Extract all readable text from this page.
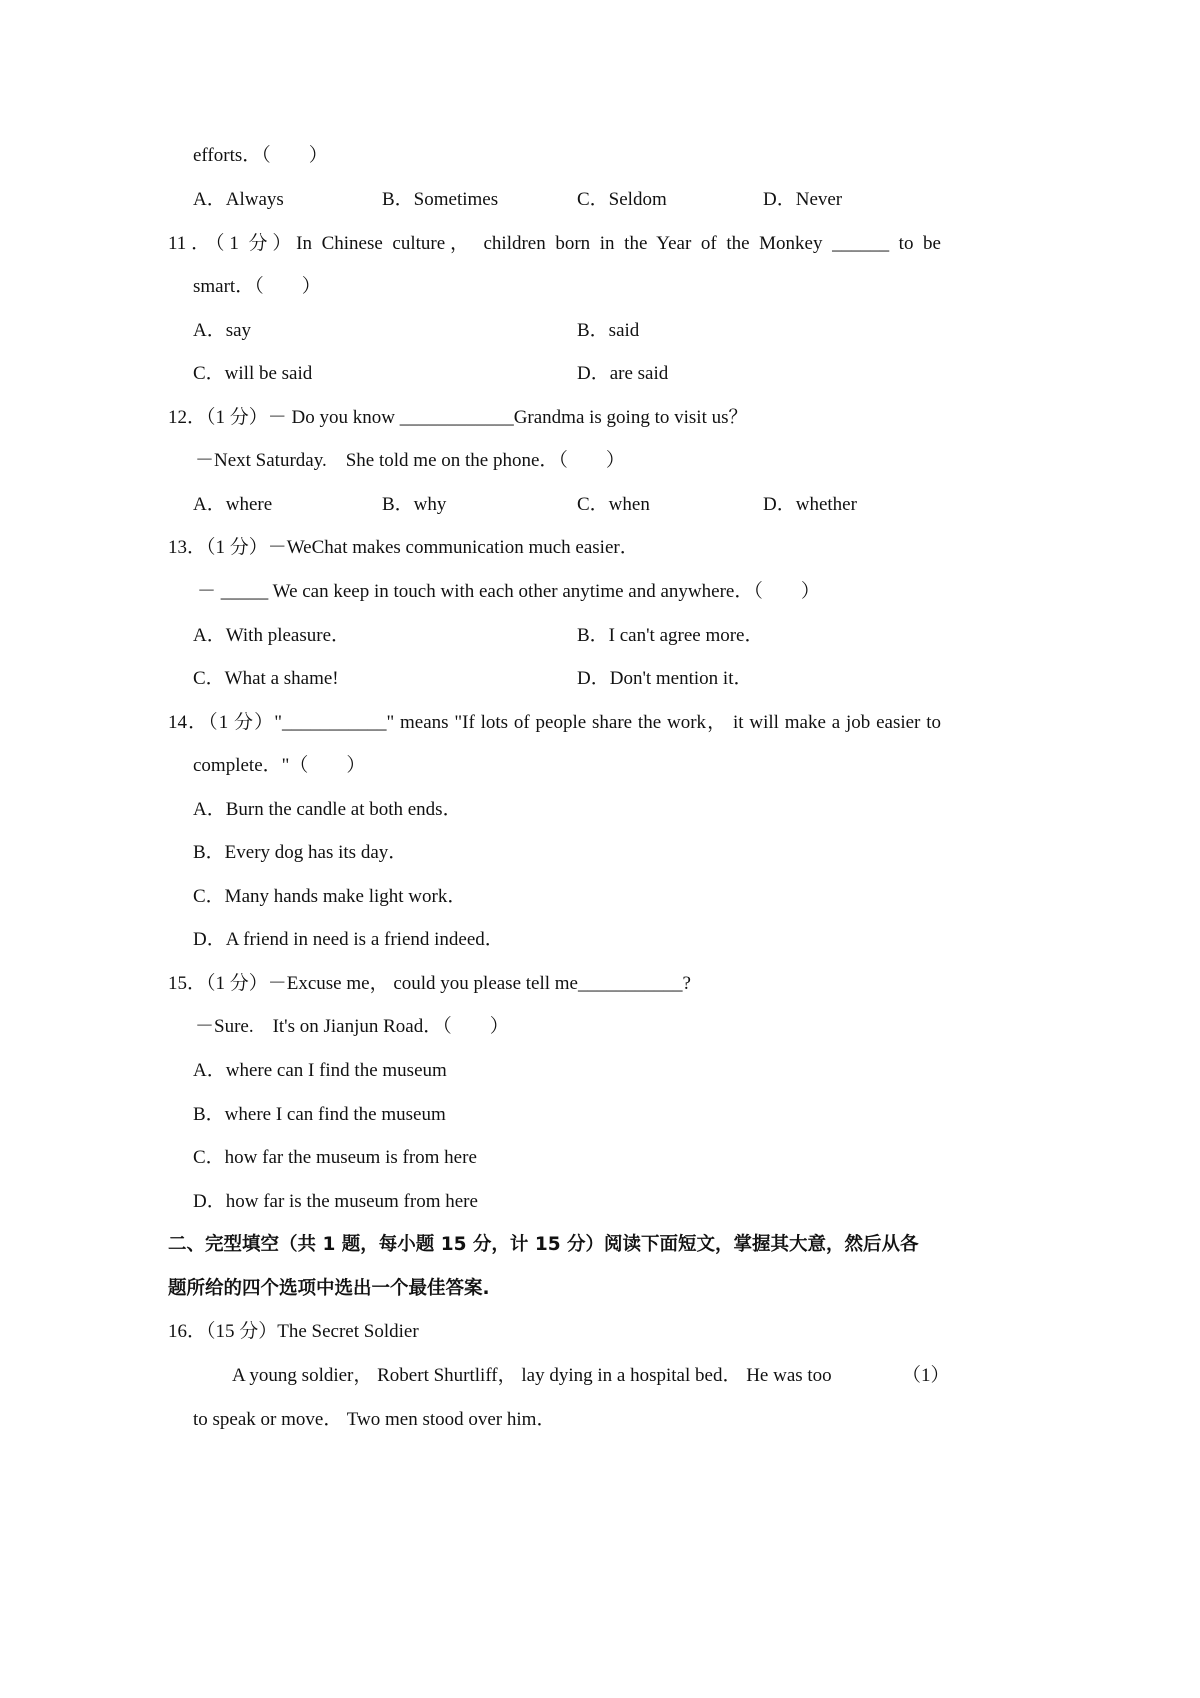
efforts．（　　）

A．Always

	B．Sometimes

	C．Seldom

	D．Never

11．（1 分）In Chinese culture， children born in the Year of the Monkey ______ to be

smart．（　　）

A．say

	B．said

C．will be said

	D．are said

12．（1 分）－ Do you know ____________Grandma is going to visit us？

－Next Saturday.　She told me on the phone．（　　）

A．where

	B．why

	C．when

	D．whether

13．（1 分）－WeChat makes communication much easier．

－ _____ We can keep in touch with each other anytime and anywhere．（　　）

A．With pleasure．

	B．I can't agree more．

C．What a shame!

	D．Don't mention it．

14．（1 分）"___________" means "If lots of people share the work， it will make a job easier to

complete．"（　　）

A．Burn the candle at both ends．

B．Every dog has its day．

C．Many hands make light work．

D．A friend in need is a friend indeed．

15．（1 分）－Excuse me， could you please tell me___________?

－Sure.　It's on Jianjun Road．（　　）

A．where can I find the museum

B．where I can find the museum

C．how far the museum is from here

D．how far is the museum from here

二、完型填空（共 1 题，每小题 15 分，计 15 分）阅读下面短文，掌握其大意，然后从各

题所给的四个选项中选出一个最佳答案.

16．（15 分）The Secret Soldier

A young soldier， Robert Shurtliff， lay dying in a hospital bed． He was too

	（1）

to speak or move． Two men stood over him．
